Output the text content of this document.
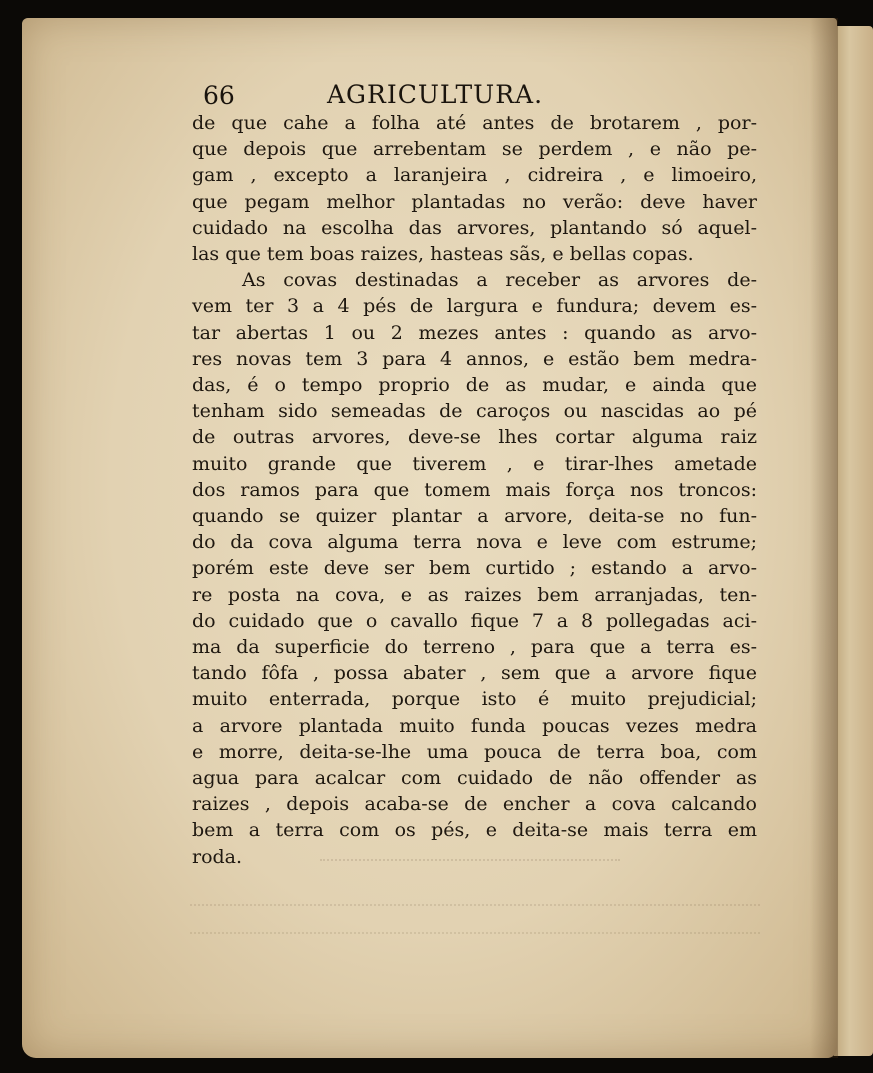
66	AGRICULTURA.
de que cahe a folha até antes de brotarem , por-
que depois que arrebentam se perdem , e não pe-
gam , excepto a laranjeira , cidreira , e limoeiro,
que pegam melhor plantadas no verão: deve haver
cuidado na escolha das arvores, plantando só aquel-
las que tem boas raizes, hasteas sãs, e bellas copas.
As covas destinadas a receber as arvores de-
vem ter 3 a 4 pés de largura e fundura; devem es-
tar abertas 1 ou 2 mezes antes : quando as arvo-
res novas tem 3 para 4 annos, e estão bem medra-
das, é o tempo proprio de as mudar, e ainda que
tenham sido semeadas de caroços ou nascidas ao pé
de outras arvores, deve-se lhes cortar alguma raiz
muito grande que tiverem , e tirar-lhes ametade
dos ramos para que tomem mais força nos troncos:
quando se quizer plantar a arvore, deita-se no fun-
do da cova alguma terra nova e leve com estrume;
porém este deve ser bem curtido ; estando a arvo-
re posta na cova, e as raizes bem arranjadas, ten-
do cuidado que o cavallo fique 7 a 8 pollegadas aci-
ma da superficie do terreno , para que a terra es-
tando fôfa , possa abater , sem que a arvore fique
muito enterrada, porque isto é muito prejudicial;
a arvore plantada muito funda poucas vezes medra
e morre, deita-se-lhe uma pouca de terra boa, com
agua para acalcar com cuidado de não offender as
raizes , depois acaba-se de encher a cova calcando
bem a terra com os pés, e deita-se mais terra em
roda.
